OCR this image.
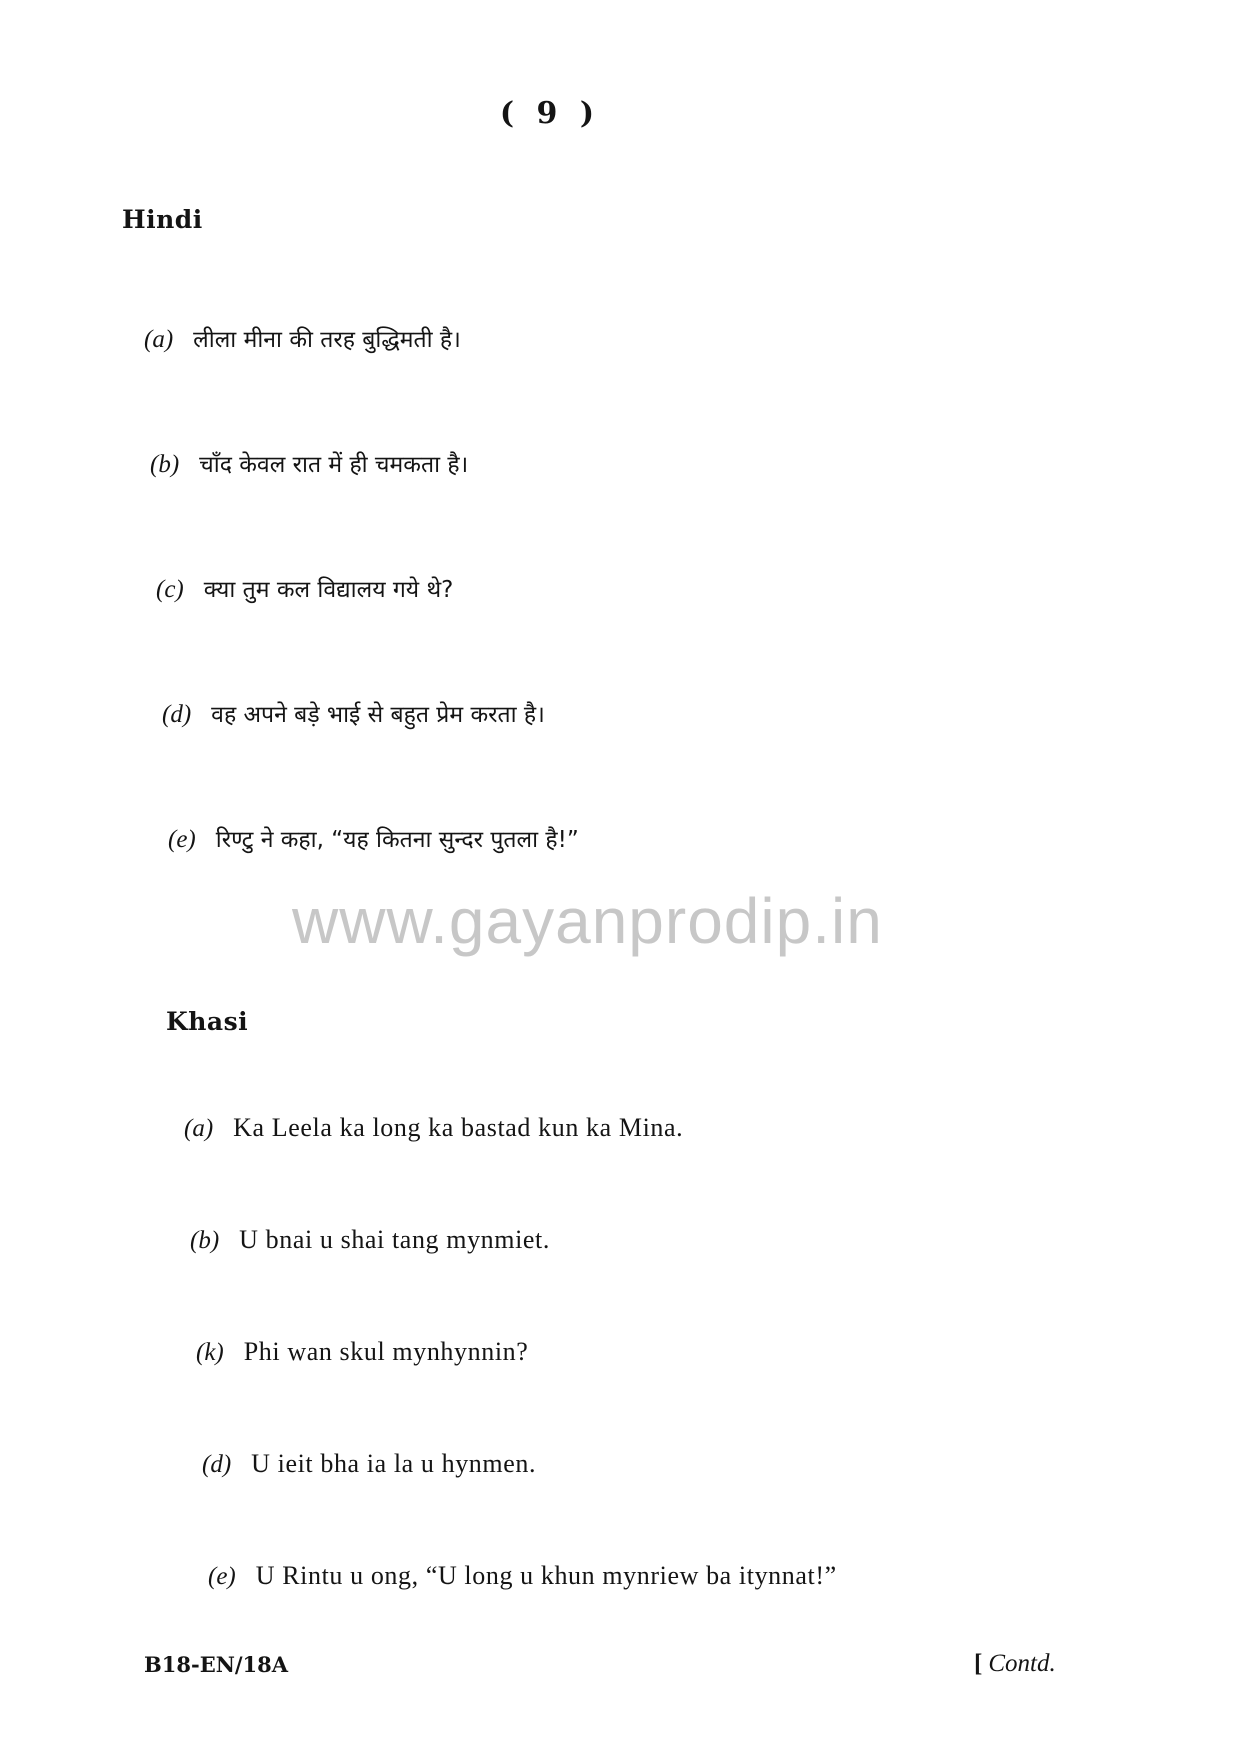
( 9 )
Hindi
(a) लीला मीना की तरह बुद्धिमती है।
(b) चाँद केवल रात में ही चमकता है।
(c) क्या तुम कल विद्यालय गये थे?
(d) वह अपने बड़े भाई से बहुत प्रेम करता है।
(e) रिण्टु ने कहा, “यह कितना सुन्दर पुतला है!”
www.gayanprodip.in
Khasi
(a) Ka Leela ka long ka bastad kun ka Mina.
(b) U bnai u shai tang mynmiet.
(k) Phi wan skul mynhynnin?
(d) U ieit bha ia la u hynmen.
(e) U Rintu u ong, “U long u khun mynriew ba itynnat!”
B18-EN/18A	[ Contd.
